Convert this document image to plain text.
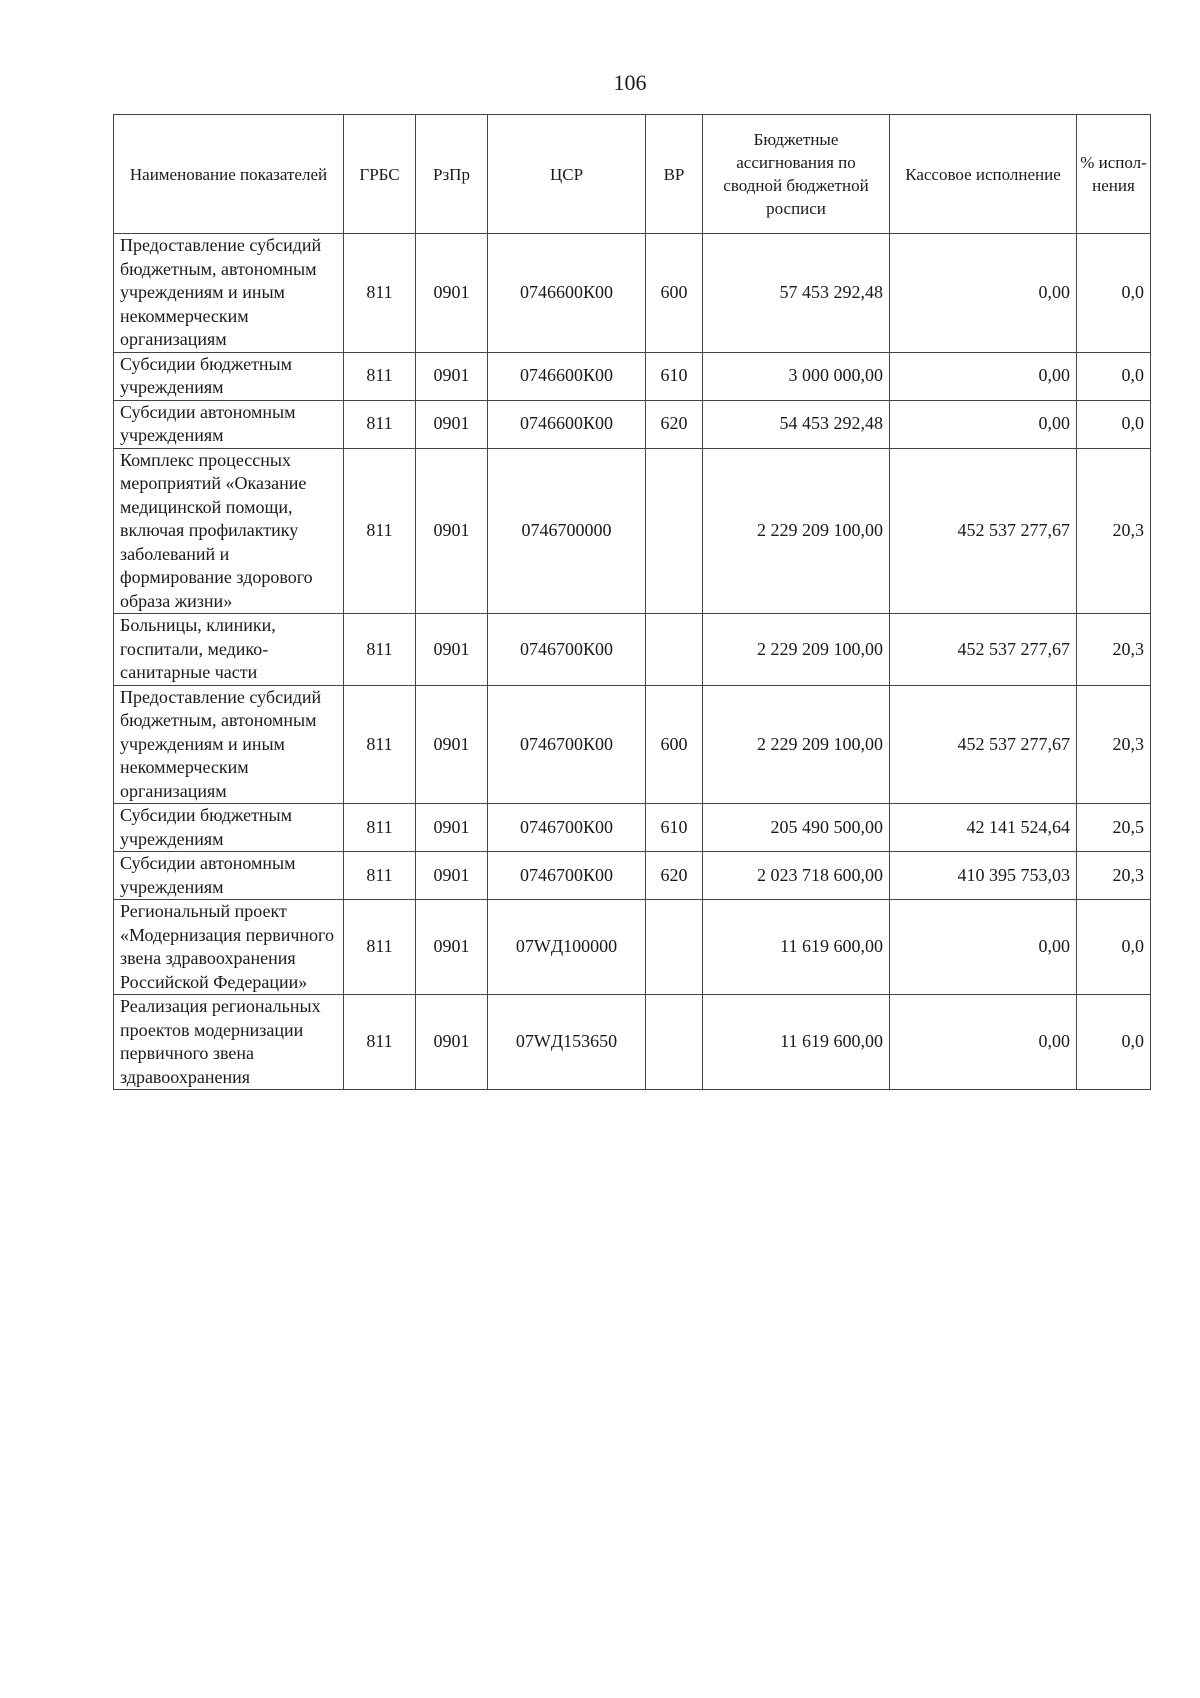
106
Наименование показателей	ГРБС	РзПр	ЦСР	ВР	Бюджетные ассигнования по сводной бюджетной росписи	Кассовое исполнение	% испол-нения
Предоставление субсидий бюджетным, автономным учреждениям и иным некоммерческим организациям	811	0901	0746600К00	600	57 453 292,48	0,00	0,0
Субсидии бюджетным учреждениям	811	0901	0746600К00	610	3 000 000,00	0,00	0,0
Субсидии автономным учреждениям	811	0901	0746600К00	620	54 453 292,48	0,00	0,0
Комплекс процессных мероприятий «Оказание медицинской помощи, включая профилактику заболеваний и формирование здорового образа жизни»	811	0901	0746700000		2 229 209 100,00	452 537 277,67	20,3
Больницы, клиники, госпитали, медико-санитарные части	811	0901	0746700К00		2 229 209 100,00	452 537 277,67	20,3
Предоставление субсидий бюджетным, автономным учреждениям и иным некоммерческим организациям	811	0901	0746700К00	600	2 229 209 100,00	452 537 277,67	20,3
Субсидии бюджетным учреждениям	811	0901	0746700К00	610	205 490 500,00	42 141 524,64	20,5
Субсидии автономным учреждениям	811	0901	0746700К00	620	2 023 718 600,00	410 395 753,03	20,3
Региональный проект «Модернизация первичного звена здравоохранения Российской Федерации»	811	0901	07WД100000		11 619 600,00	0,00	0,0
Реализация региональных проектов модернизации первичного звена здравоохранения	811	0901	07WД153650		11 619 600,00	0,00	0,0
